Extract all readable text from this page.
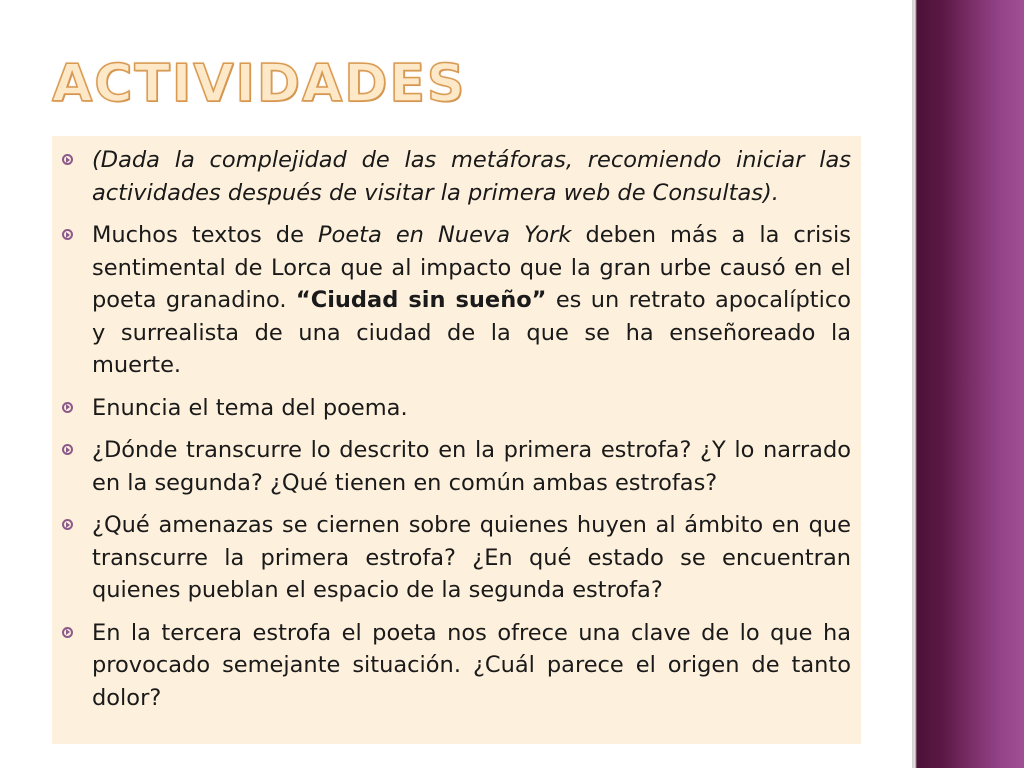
ACTIVIDADES
(Dada la complejidad de las metáforas, recomiendo iniciar las actividades después de visitar la primera web de Consultas).
Muchos textos de Poeta en Nueva York deben más a la crisis sentimental de Lorca que al impacto que la gran urbe causó en el poeta granadino. “Ciudad sin sueño” es un retrato apocalíptico y surrealista de una ciudad de la que se ha enseñoreado la muerte.
Enuncia el tema del poema.
¿Dónde transcurre lo descrito en la primera estrofa? ¿Y lo narrado en la segunda? ¿Qué tienen en común ambas estrofas?
¿Qué amenazas se ciernen sobre quienes huyen al ámbito en que transcurre la primera estrofa? ¿En qué estado se encuentran quienes pueblan el espacio de la segunda estrofa?
En la tercera estrofa el poeta nos ofrece una clave de lo que ha provocado semejante situación. ¿Cuál parece el origen de tanto dolor?
